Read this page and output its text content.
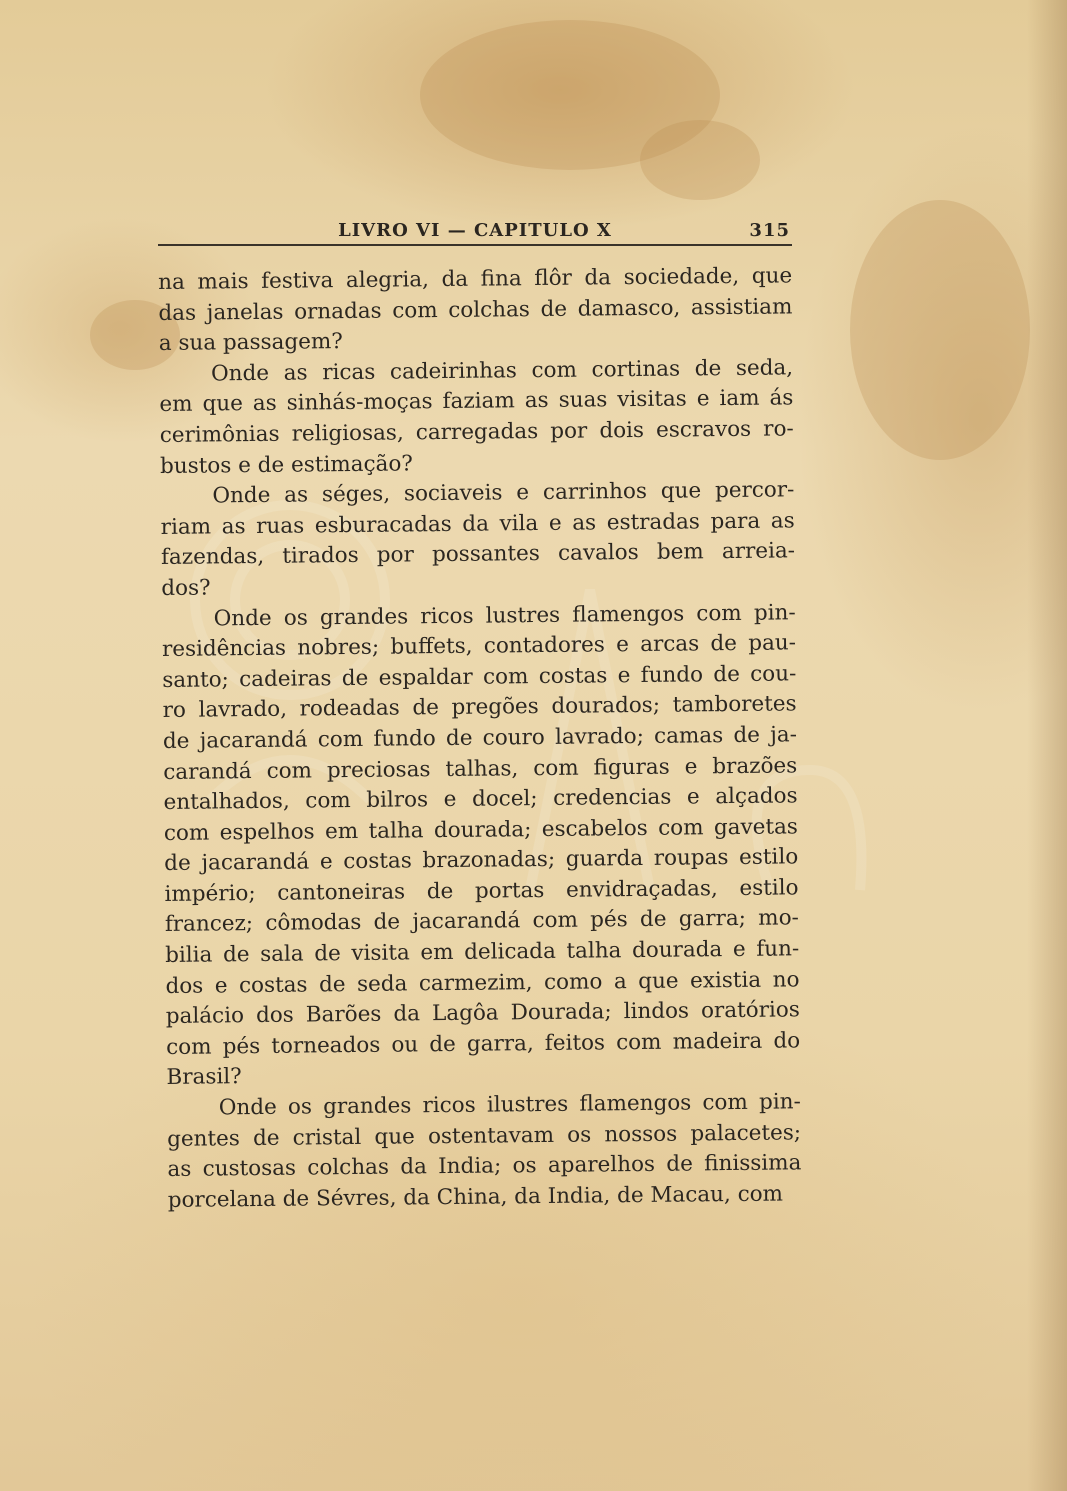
LIVRO VI — CAPITULO X	315
na mais festiva alegria, da fina flôr da sociedade, que
das janelas ornadas com colchas de damasco, assistiam
a sua passagem?
Onde as ricas cadeirinhas com cortinas de seda,
em que as sinhás-moças faziam as suas visitas e iam ás
cerimônias religiosas, carregadas por dois escravos ro-
bustos e de estimação?
Onde as séges, sociaveis e carrinhos que percor-
riam as ruas esburacadas da vila e as estradas para as
fazendas, tirados por possantes cavalos bem arreia-
dos?
Onde os grandes ricos lustres flamengos com pin-
residências nobres; buffets, contadores e arcas de pau-
santo; cadeiras de espaldar com costas e fundo de cou-
ro lavrado, rodeadas de pregões dourados; tamboretes
de jacarandá com fundo de couro lavrado; camas de ja-
carandá com preciosas talhas, com figuras e brazões
entalhados, com bilros e docel; credencias e alçados
com espelhos em talha dourada; escabelos com gavetas
de jacarandá e costas brazonadas; guarda roupas estilo
império; cantoneiras de portas envidraçadas, estilo
francez; cômodas de jacarandá com pés de garra; mo-
bilia de sala de visita em delicada talha dourada e fun-
dos e costas de seda carmezim, como a que existia no
palácio dos Barões da Lagôa Dourada; lindos oratórios
com pés torneados ou de garra, feitos com madeira do
Brasil?
Onde os grandes ricos ilustres flamengos com pin-
gentes de cristal que ostentavam os nossos palacetes;
as custosas colchas da India; os aparelhos de finissima
porcelana de Sévres, da China, da India, de Macau, com
